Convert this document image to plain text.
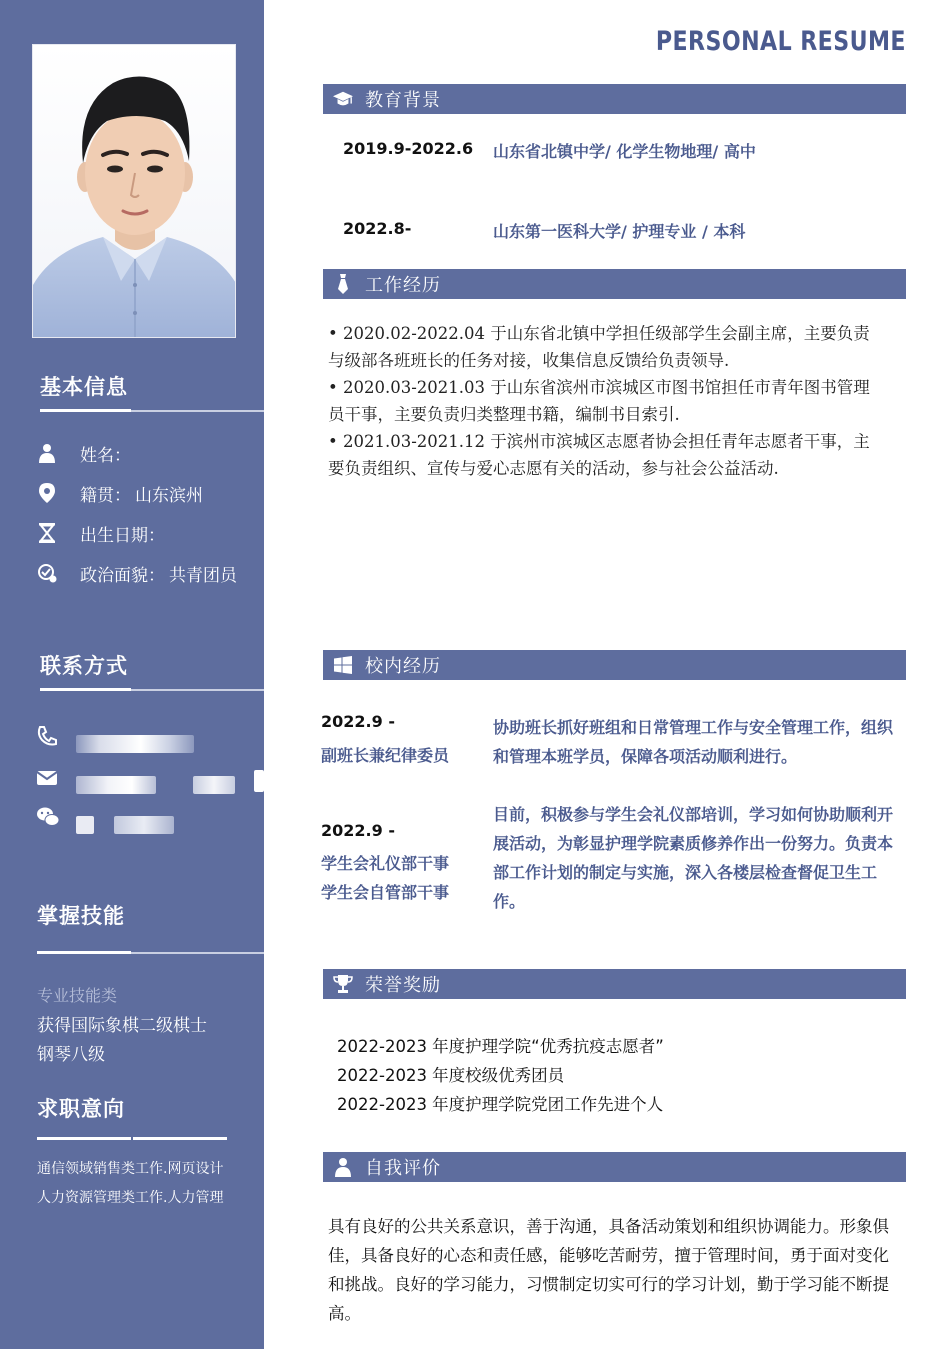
基本信息
姓名：
籍贯： 山东滨州
出生日期：
政治面貌： 共青团员
联系方式
掌握技能
专业技能类
获得国际象棋二级棋士
钢琴八级
求职意向
通信领域销售类工作.网页设计
人力资源管理类工作.人力管理
PERSONAL RESUME
教育背景
2019.9-2022.6 山东省北镇中学/ 化学生物地理/ 高中
2022.8-	山东第一医科大学/ 护理专业 / 本科
工作经历

• 2020.02-2022.04 于山东省北镇中学担任级部学生会副主席，主要负责与级部各班班长的任务对接，收集信息反馈给负责领导.

• 2020.03-2021.03 于山东省滨州市滨城区市图书馆担任市青年图书管理员干事，主要负责归类整理书籍，编制书目索引.

• 2021.03-2021.12 于滨州市滨城区志愿者协会担任青年志愿者干事，主要负责组织、宣传与爱心志愿有关的活动，参与社会公益活动.

校内经历
2022.9 -
副班长兼纪律委员
协助班长抓好班组和日常管理工作与安全管理工作，组织和管理本班学员，保障各项活动顺利进行。
2022.9 -
学生会礼仪部干事
学生会自管部干事
目前，积极参与学生会礼仪部培训，学习如何协助顺利开展活动，为彰显护理学院素质修养作出一份努力。负责本部工作计划的制定与实施，深入各楼层检查督促卫生工作。
荣誉奖励
2022-2023 年度护理学院“优秀抗疫志愿者”
2022-2023 年度校级优秀团员
2022-2023 年度护理学院党团工作先进个人
自我评价
具有良好的公共关系意识，善于沟通，具备活动策划和组织协调能力。形象俱佳，具备良好的心态和责任感，能够吃苦耐劳，擅于管理时间，勇于面对变化和挑战。良好的学习能力，习惯制定切实可行的学习计划，勤于学习能不断提高。
